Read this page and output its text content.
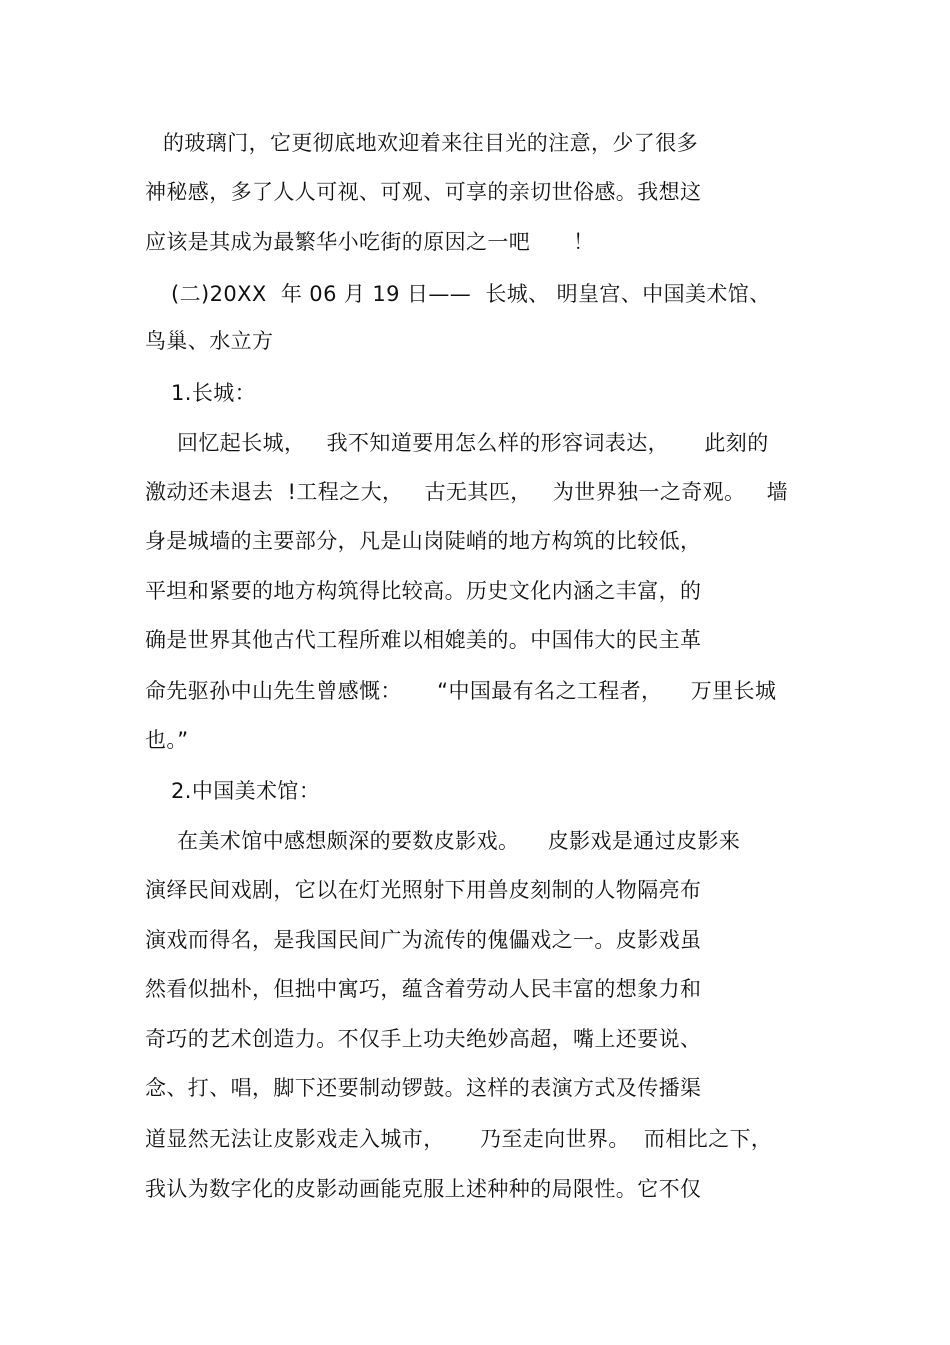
的玻璃门，它更彻底地欢迎着来往目光的注意，少了很多
神秘感，多了人人可视、可观、可享的亲切世俗感。我想这
应该是其成为最繁华小吃街的原因之一吧　　！
(二)20XX  年 06 月 19 日——  长城、 明皇宫、中国美术馆、
鸟巢、水立方
1.长城：
回忆起长城，   我不知道要用怎么样的形容词表达，     此刻的
激动还未退去  !工程之大，   古无其匹，   为世界独一之奇观。   墙
身是城墙的主要部分，凡是山岗陡峭的地方构筑的比较低，
平坦和紧要的地方构筑得比较高。历史文化内涵之丰富，的
确是世界其他古代工程所难以相媲美的。中国伟大的民主革
命先驱孙中山先生曾感慨：     “中国最有名之工程者，    万里长城
也。”
2.中国美术馆：
在美术馆中感想颇深的要数皮影戏。    皮影戏是通过皮影来
演绎民间戏剧，它以在灯光照射下用兽皮刻制的人物隔亮布
演戏而得名，是我国民间广为流传的傀儡戏之一。皮影戏虽
然看似拙朴，但拙中寓巧，蕴含着劳动人民丰富的想象力和
奇巧的艺术创造力。不仅手上功夫绝妙高超，嘴上还要说、
念、打、唱，脚下还要制动锣鼓。这样的表演方式及传播渠
道显然无法让皮影戏走入城市，     乃至走向世界。  而相比之下，
我认为数字化的皮影动画能克服上述种种的局限性。它不仅
